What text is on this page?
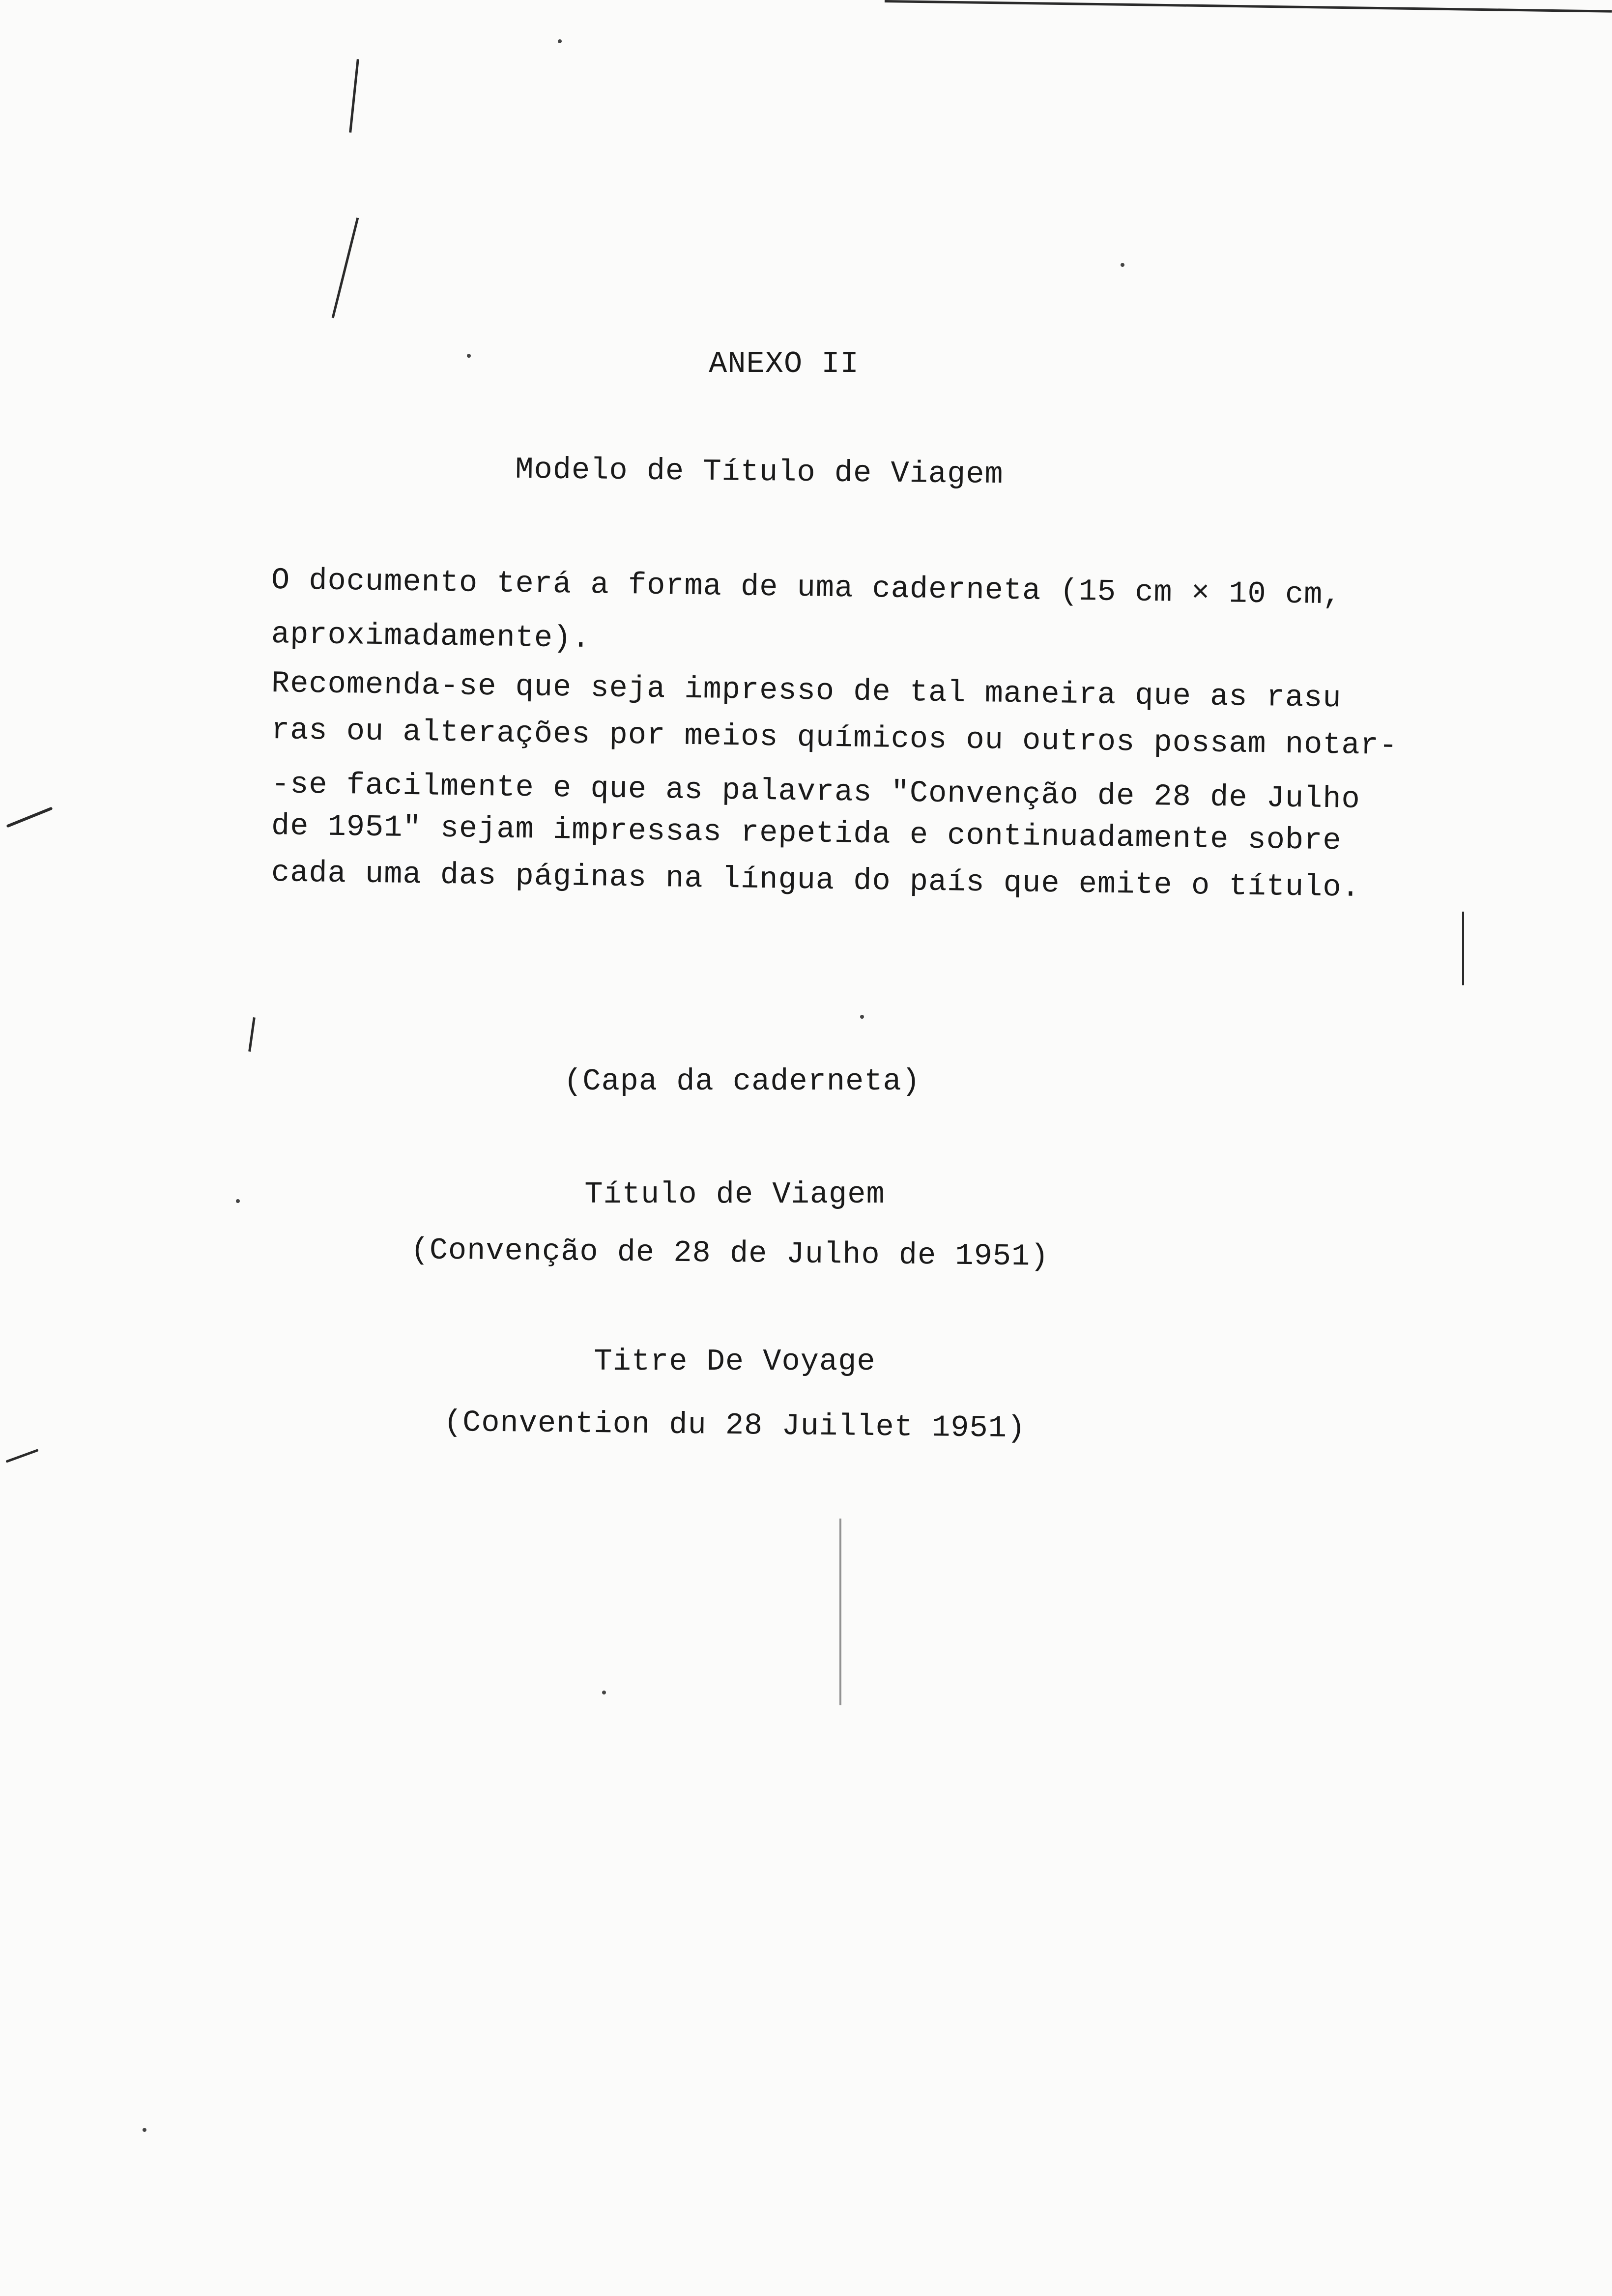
ANEXO II
Modelo de Título de Viagem
O documento terá a forma de uma caderneta (15 cm × 10 cm,
aproximadamente).
Recomenda-se que seja impresso de tal maneira que as rasu
ras ou alterações por meios químicos ou outros possam notar-
-se facilmente e que as palavras "Convenção de 28 de Julho
de 1951" sejam impressas repetida e continuadamente sobre
cada uma das páginas na língua do país que emite o título.
(Capa da caderneta)
Título de Viagem
(Convenção de 28 de Julho de 1951)
Titre De Voyage
(Convention du 28 Juillet 1951)
